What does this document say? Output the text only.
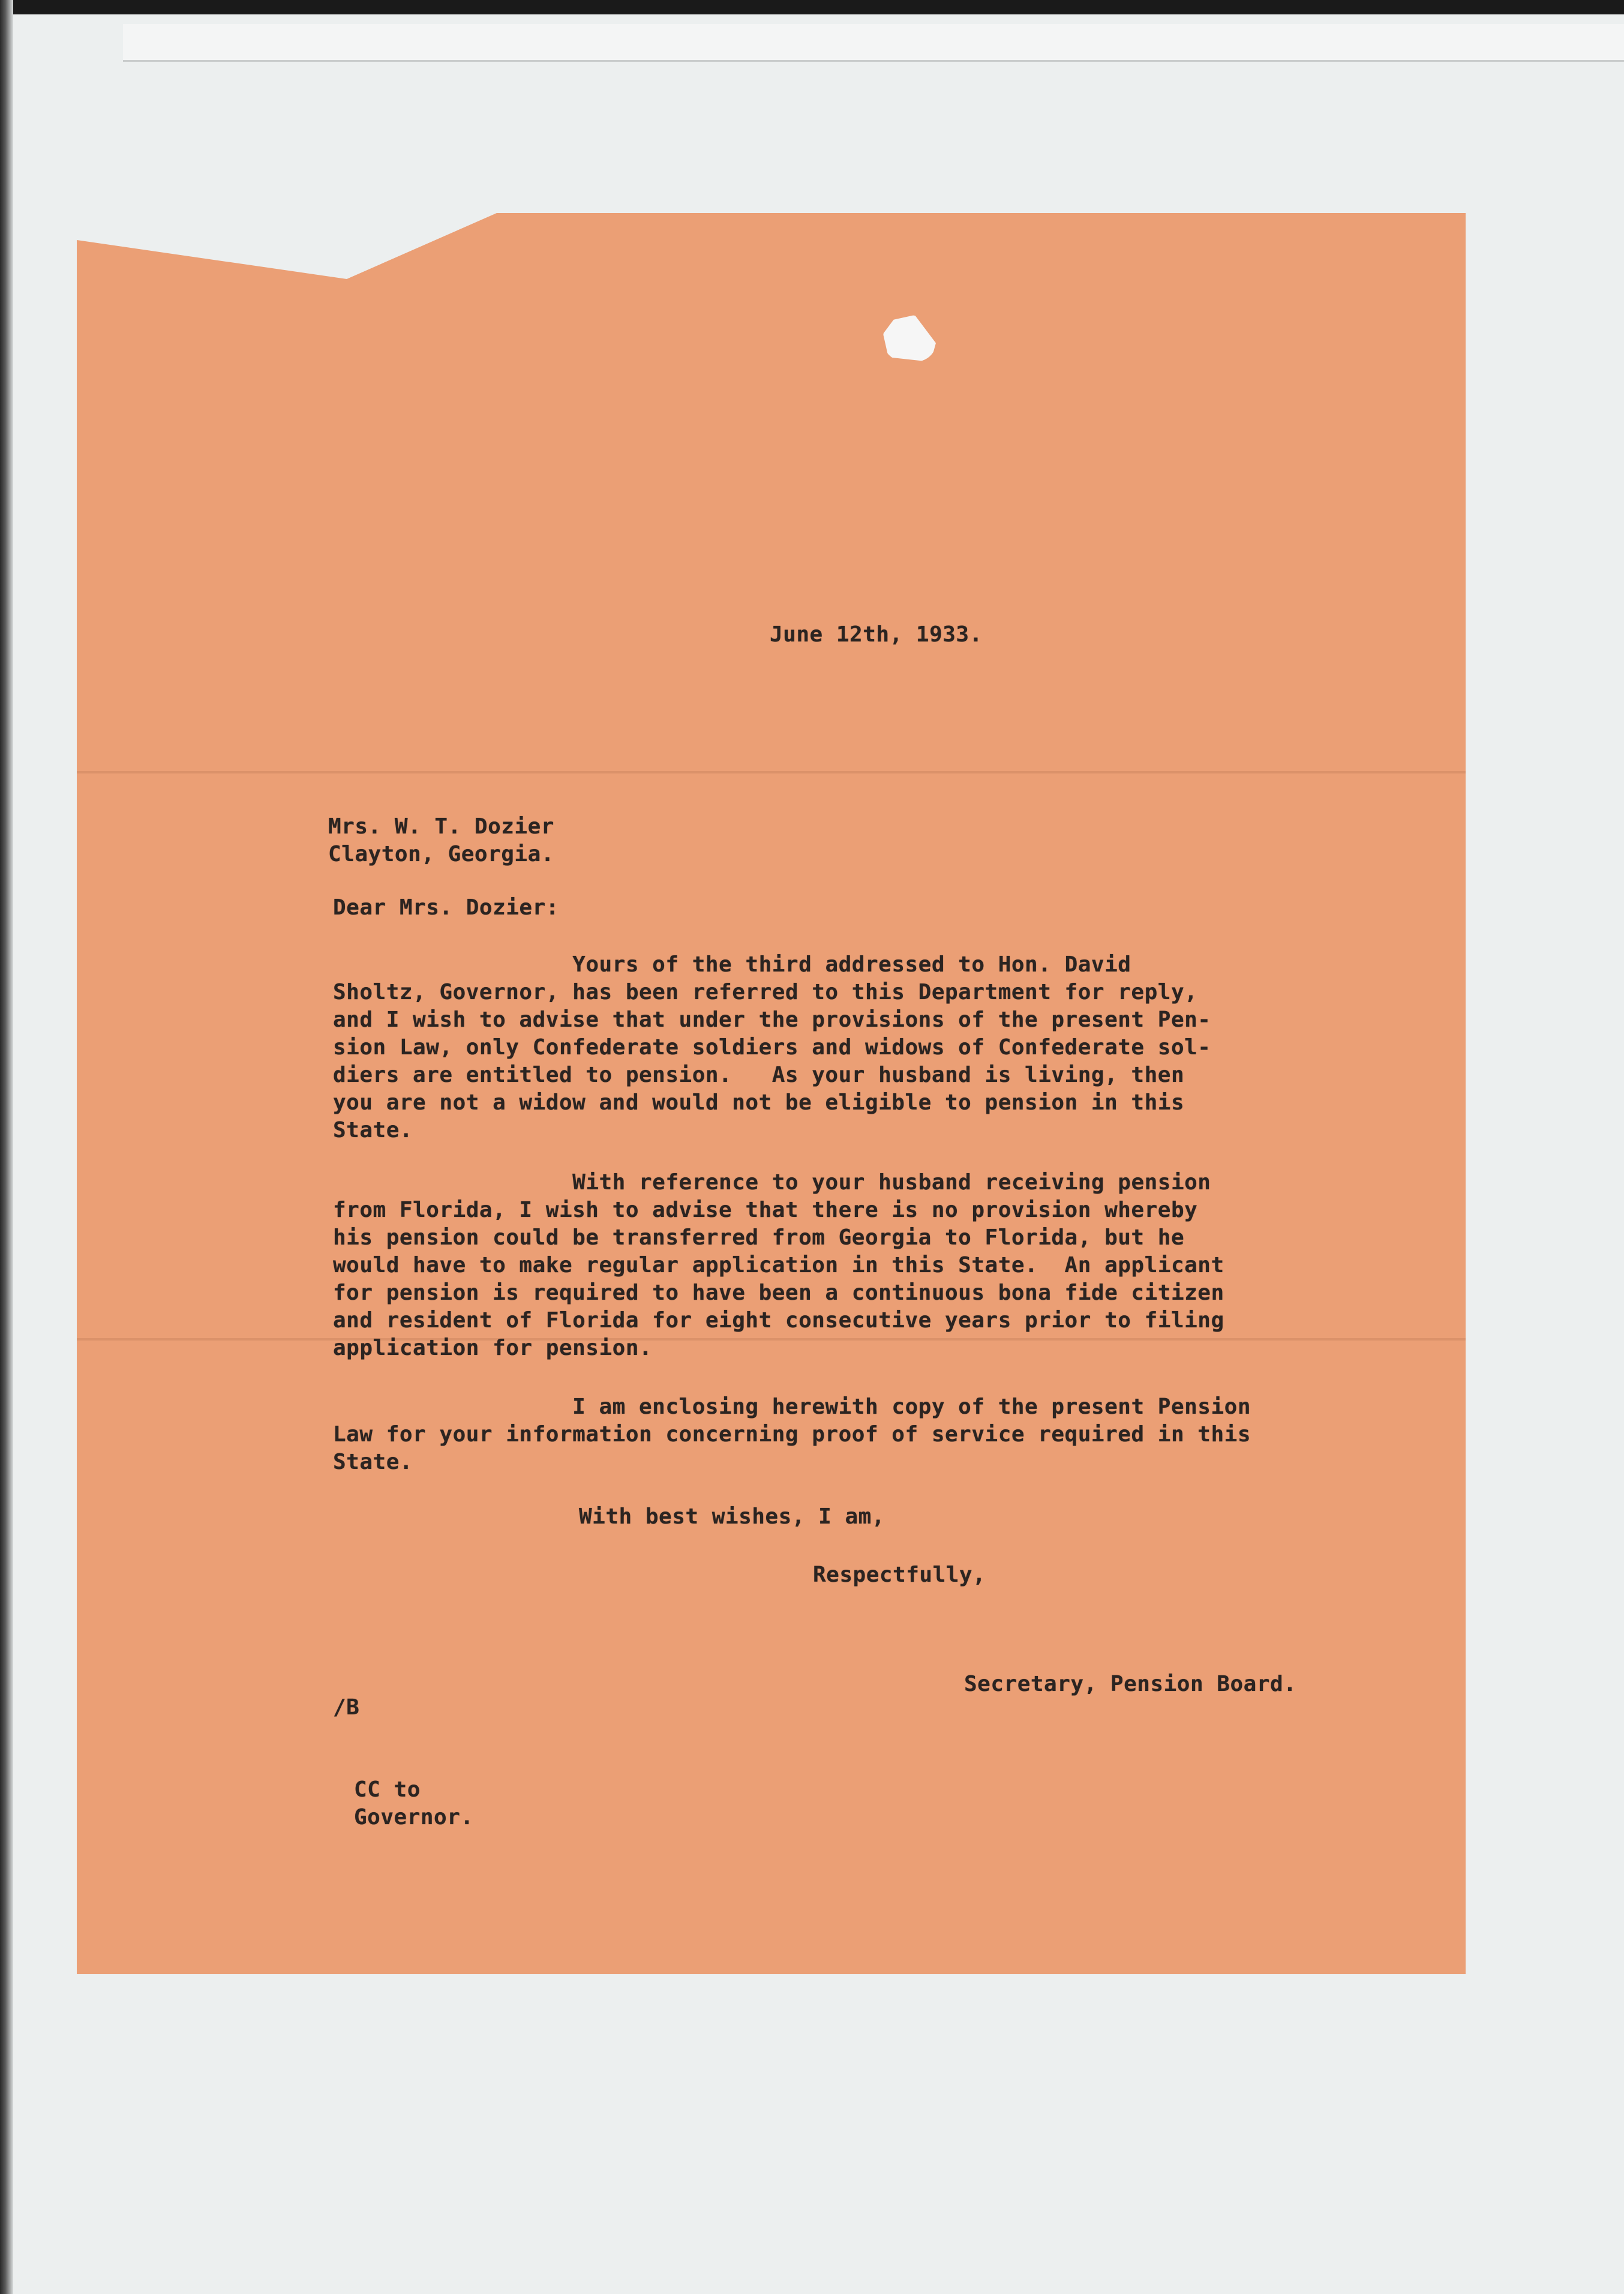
June 12th, 1933.
Mrs. W. T. Dozier
Clayton, Georgia.
Dear Mrs. Dozier:
Yours of the third addressed to Hon. David
Sholtz, Governor, has been referred to this Department for reply,
and I wish to advise that under the provisions of the present Pen-
sion Law, only Confederate soldiers and widows of Confederate sol-
diers are entitled to pension.   As your husband is living, then
you are not a widow and would not be eligible to pension in this
State.
With reference to your husband receiving pension
from Florida, I wish to advise that there is no provision whereby
his pension could be transferred from Georgia to Florida, but he
would have to make regular application in this State.  An applicant
for pension is required to have been a continuous bona fide citizen
and resident of Florida for eight consecutive years prior to filing
application for pension.
I am enclosing herewith copy of the present Pension
Law for your information concerning proof of service required in this
State.
With best wishes, I am,
Respectfully,
Secretary, Pension Board.
/B
CC to
Governor.
